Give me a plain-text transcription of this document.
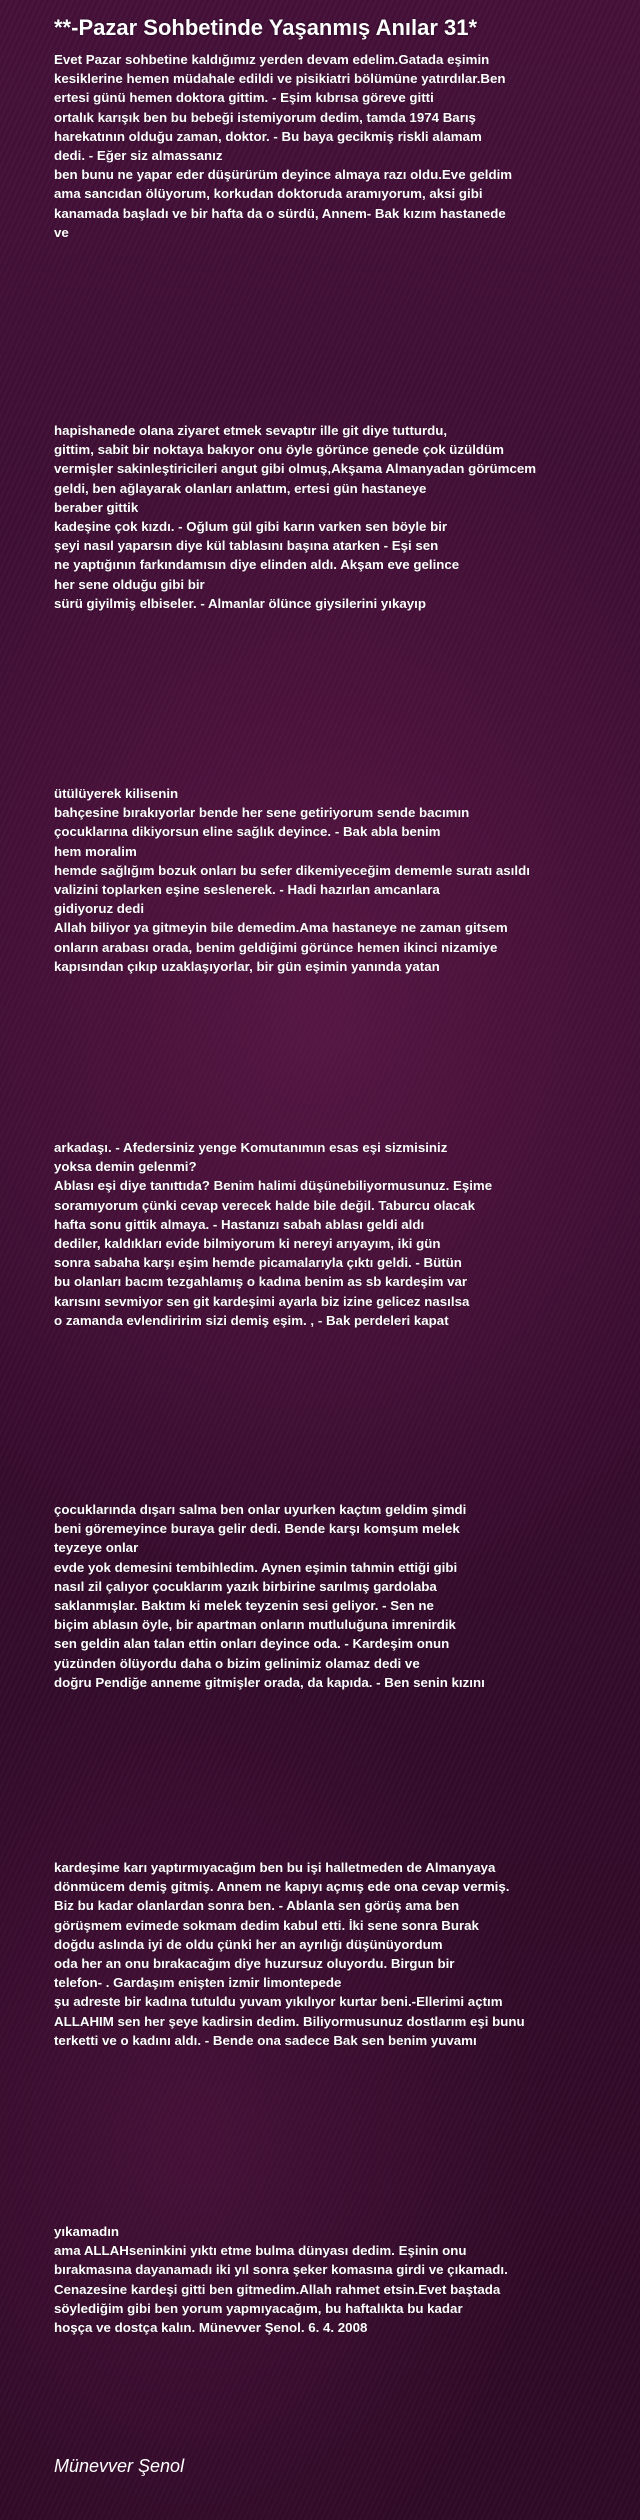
**-Pazar Sohbetinde Yaşanmış Anılar 31*
Evet Pazar sohbetine kaldığımız yerden devam edelim.Gatada eşimin
kesiklerine hemen müdahale edildi ve pisikiatri bölümüne yatırdılar.Ben
ertesi günü hemen doktora gittim. - Eşim kıbrısa göreve gitti
ortalık karışık ben bu bebeği istemiyorum dedim, tamda 1974 Barış
harekatının olduğu zaman, doktor. - Bu baya gecikmiş riskli alamam
dedi. - Eğer siz almassanız
ben bunu ne yapar eder düşürürüm deyince almaya razı oldu.Eve geldim
ama sancıdan ölüyorum, korkudan doktoruda aramıyorum, aksi gibi
kanamada başladı ve bir hafta da o sürdü, Annem- Bak kızım hastanede
ve
hapishanede olana ziyaret etmek sevaptır ille git diye tutturdu,
gittim, sabit bir noktaya bakıyor onu öyle görünce genede çok üzüldüm
vermişler sakinleştiricileri angut gibi olmuş,Akşama Almanyadan görümcem
geldi, ben ağlayarak olanları anlattım, ertesi gün hastaneye
beraber gittik
kadeşine çok kızdı. - Oğlum gül gibi karın varken sen böyle bir
şeyi nasıl yaparsın diye kül tablasını başına atarken - Eşi sen
ne yaptığının farkındamısın diye elinden aldı. Akşam eve gelince
her sene olduğu gibi bir
sürü giyilmiş elbiseler. - Almanlar ölünce giysilerini yıkayıp
ütülüyerek kilisenin
bahçesine bırakıyorlar bende her sene getiriyorum sende bacımın
çocuklarına dikiyorsun eline sağlık deyince. - Bak abla benim
hem moralim
hemde sağlığım bozuk onları bu sefer dikemiyeceğim dememle suratı asıldı
valizini toplarken eşine seslenerek. - Hadi hazırlan amcanlara
gidiyoruz dedi
Allah biliyor ya gitmeyin bile demedim.Ama hastaneye ne zaman gitsem
onların arabası orada, benim geldiğimi görünce hemen ikinci nizamiye
kapısından çıkıp uzaklaşıyorlar, bir gün eşimin yanında yatan
arkadaşı. - Afedersiniz yenge Komutanımın esas eşi sizmisiniz
yoksa demin gelenmi?
Ablası eşi diye tanıttıda? Benim halimi düşünebiliyormusunuz. Eşime
soramıyorum çünki cevap verecek halde bile değil. Taburcu olacak
hafta sonu gittik almaya. - Hastanızı sabah ablası geldi aldı
dediler, kaldıkları evide bilmiyorum ki nereyi arıyayım, iki gün
sonra sabaha karşı eşim hemde picamalarıyla çıktı geldi. - Bütün
bu olanları bacım tezgahlamış o kadına benim as sb kardeşim var
karısını sevmiyor sen git kardeşimi ayarla biz izine gelicez nasılsa
o zamanda evlendiririm sizi demiş eşim. , - Bak perdeleri kapat
çocuklarında dışarı salma ben onlar uyurken kaçtım geldim şimdi
beni göremeyince buraya gelir dedi. Bende karşı komşum melek
teyzeye onlar
evde yok demesini tembihledim. Aynen eşimin tahmin ettiği gibi
nasıl zil çalıyor çocuklarım yazık birbirine sarılmış gardolaba
saklanmışlar. Baktım ki melek teyzenin sesi geliyor. - Sen ne
biçim ablasın öyle, bir apartman onların mutluluğuna imrenirdik
sen geldin alan talan ettin onları deyince oda. - Kardeşim onun
yüzünden ölüyordu daha o bizim gelinimiz olamaz dedi ve
doğru Pendiğe anneme gitmişler orada, da kapıda. - Ben senin kızını
kardeşime karı yaptırmıyacağım ben bu işi halletmeden de Almanyaya
dönmücem demiş gitmiş. Annem ne kapıyı açmış ede ona cevap vermiş.
Biz bu kadar olanlardan sonra ben. - Ablanla sen görüş ama ben
görüşmem evimede sokmam dedim kabul etti. İki sene sonra Burak
doğdu aslında iyi de oldu çünki her an ayrılığı düşünüyordum
oda her an onu bırakacağım diye huzursuz oluyordu. Birgun bir
telefon- . Gardaşım enişten izmir limontepede
şu adreste bir kadına tutuldu yuvam yıkılıyor kurtar beni.-Ellerimi açtım
ALLAHIM sen her şeye kadirsin dedim. Biliyormusunuz dostlarım eşi bunu
terketti ve o kadını aldı. - Bende ona sadece Bak sen benim yuvamı
yıkamadın
ama ALLAHseninkini yıktı etme bulma dünyası dedim. Eşinin onu
bırakmasına dayanamadı iki yıl sonra şeker komasına girdi ve çıkamadı.
Cenazesine kardeşi gitti ben gitmedim.Allah rahmet etsin.Evet baştada
söylediğim gibi ben yorum yapmıyacağım, bu haftalıkta bu kadar
hoşça ve dostça kalın. Münevver Şenol. 6. 4. 2008
Münevver Şenol
